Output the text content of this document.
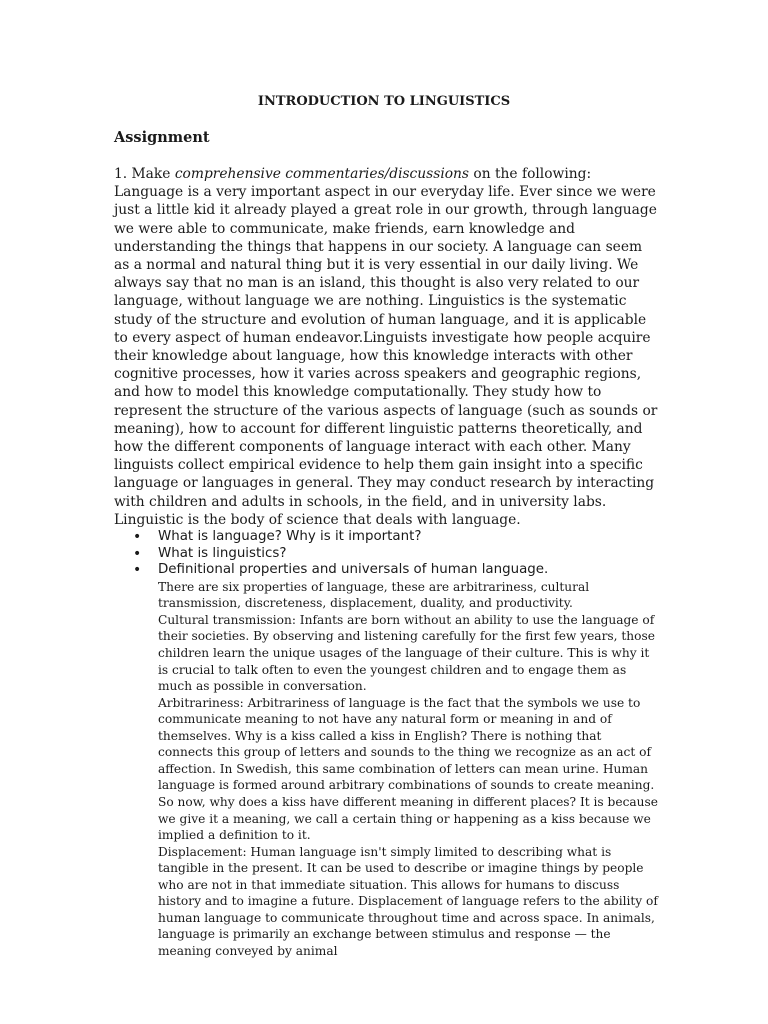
INTRODUCTION TO LINGUISTICS
Assignment

1. Make comprehensive commentaries/discussions on the following:

Language is a very important aspect in our everyday life. Ever since we were just a little kid it already played a great role in our growth, through language we were able to communicate, make friends, earn knowledge and understanding the things that happens in our society. A language can seem as a normal and natural thing but it is very essential in our daily living. We always say that no man is an island, this thought is also very related to our language, without language we are nothing. Linguistics is the systematic study of the structure and evolution of human language, and it is applicable to every aspect of human endeavor.Linguists investigate how people acquire their knowledge about language, how this knowledge interacts with other cognitive processes, how it varies across speakers and geographic regions, and how to model this knowledge computationally. They study how to represent the structure of the various aspects of language (such as sounds or meaning), how to account for different linguistic patterns theoretically, and how the different components of language interact with each other. Many linguists collect empirical evidence to help them gain insight into a specific language or languages in general. They may conduct research by interacting with children and adults in schools, in the field, and in university labs.

Linguistic is the body of science that deals with language.

• What is language? Why is it important?
• What is linguistics?
• Definitional properties and universals of human language.

There are six properties of language, these are arbitrariness, cultural transmission, discreteness, displacement, duality, and productivity.

Cultural transmission: Infants are born without an ability to use the language of their societies. By observing and listening carefully for the first few years, those children learn the unique usages of the language of their culture. This is why it is crucial to talk often to even the youngest children and to engage them as much as possible in conversation.

Arbitrariness: Arbitrariness of language is the fact that the symbols we use to communicate meaning to not have any natural form or meaning in and of themselves. Why is a kiss called a kiss in English? There is nothing that connects this group of letters and sounds to the thing we recognize as an act of affection. In Swedish, this same combination of letters can mean urine. Human language is formed around arbitrary combinations of sounds to create meaning. So now, why does a kiss have different meaning in different places? It is because we give it a meaning, we call a certain thing or happening as a kiss because we implied a definition to it.

Displacement: Human language isn't simply limited to describing what is tangible in the present. It can be used to describe or imagine things by people who are not in that immediate situation. This allows for humans to discuss history and to imagine a future. Displacement of language refers to the ability of human language to communicate throughout time and across space. In animals, language is primarily an exchange between stimulus and response — the meaning conveyed by animal
